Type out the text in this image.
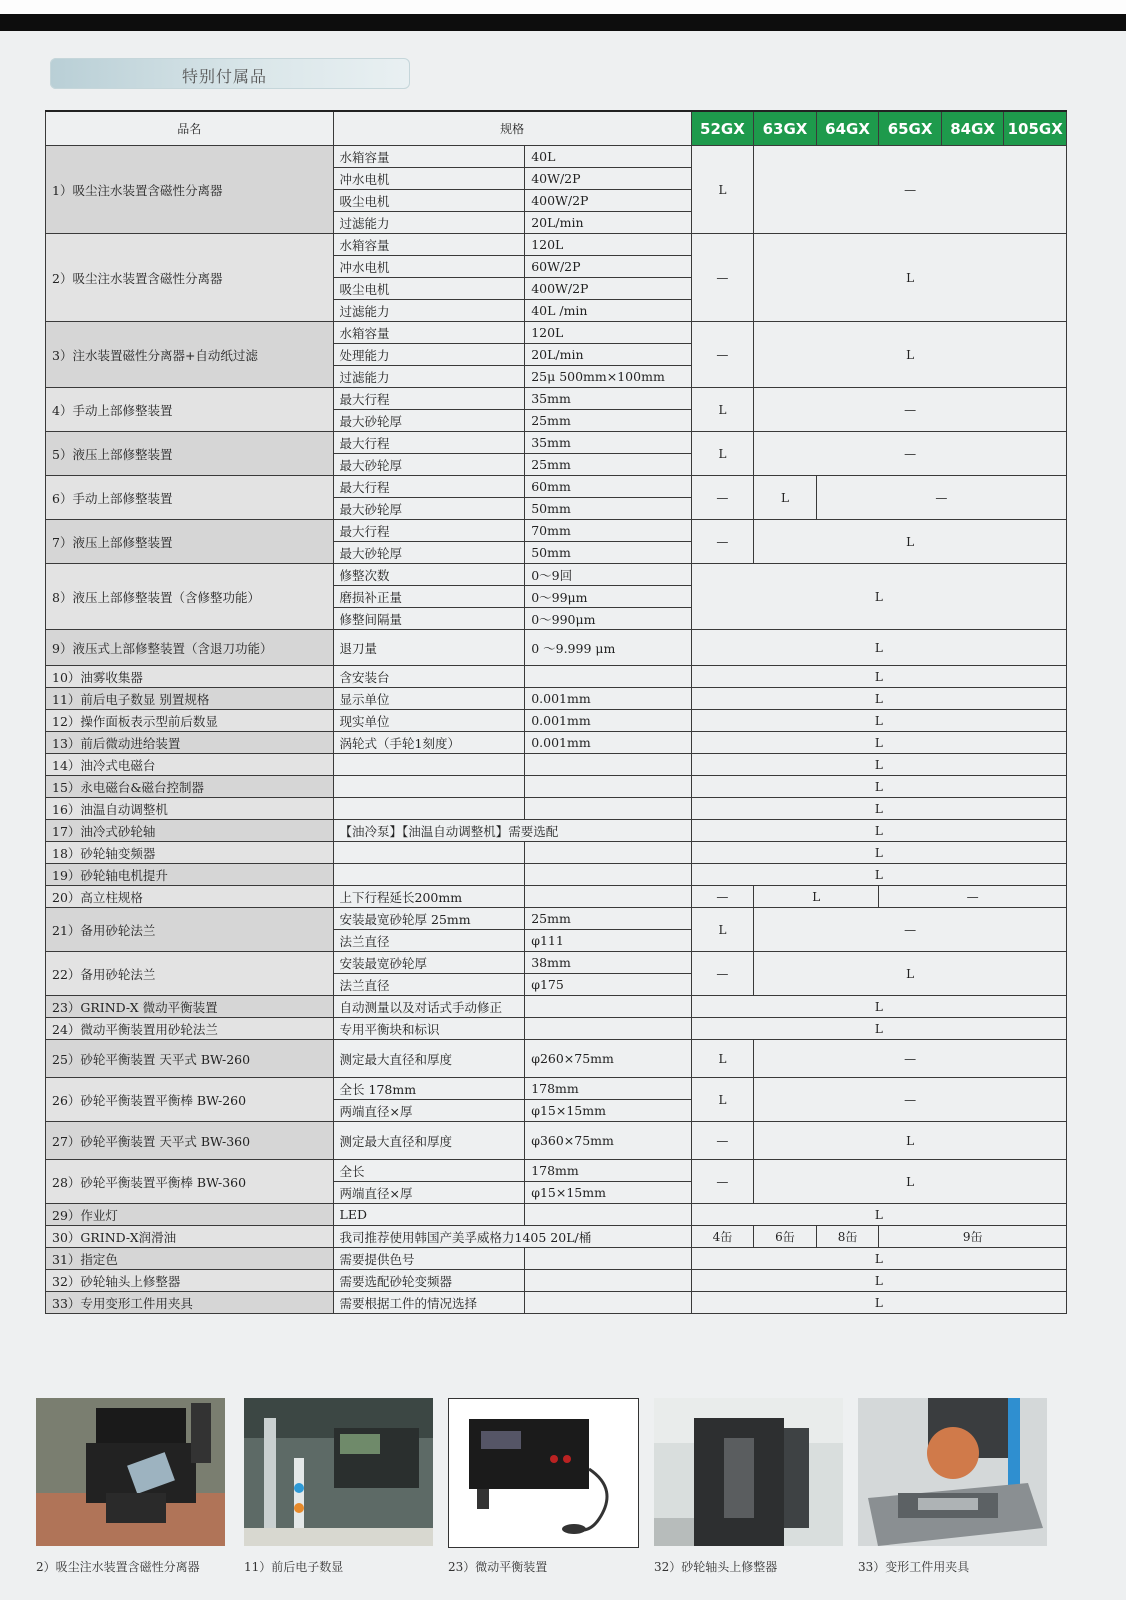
特别付属品
品名	规格		52GX	63GX	64GX	65GX	84GX	105GX
1）吸尘注水装置含磁性分离器	水箱容量	40L	L	—				
	冲水电机	40W/2P						
	吸尘电机	400W/2P						
	过滤能力	20L/min						
2）吸尘注水装置含磁性分离器	水箱容量	120L	—	L				
	冲水电机	60W/2P						
	吸尘电机	400W/2P						
	过滤能力	40L /min						
3）注水装置磁性分离器+自动纸过滤	水箱容量	120L	—	L				
	处理能力	20L/min						
	过滤能力	25μ 500mm×100mm						
4）手动上部修整装置	最大行程	35mm	L	—				
	最大砂轮厚	25mm						
5）液压上部修整装置	最大行程	35mm	L	—				
	最大砂轮厚	25mm						
6）手动上部修整装置	最大行程	60mm	—	L	—			
	最大砂轮厚	50mm						
7）液压上部修整装置	最大行程	70mm	—	L				
	最大砂轮厚	50mm						
8）液压上部修整装置（含修整功能）	修整次数	0～9回	L					
	磨损补正量	0～99μm						
	修整间隔量	0～990μm						
9）液压式上部修整装置（含退刀功能）	退刀量	0 ～9.999 μm	L					
10）油雾收集器	含安装台		L					
11）前后电子数显 别置规格	显示单位	0.001mm	L					
12）操作面板表示型前后数显	现实单位	0.001mm	L					
13）前后微动进给装置	涡轮式（手轮1刻度）	0.001mm	L					
14）油冷式电磁台			L					
15）永电磁台&磁台控制器			L					
16）油温自动调整机			L					
17）油冷式砂轮轴	【油冷泵】【油温自动调整机】需要选配		L					
18）砂轮轴变频器			L					
19）砂轮轴电机提升			L					
20）高立柱规格	上下行程延长200mm		—	L		—		
21）备用砂轮法兰	安装最宽砂轮厚 25mm	25mm	L	—				
	法兰直径	φ111						
22）备用砂轮法兰	安装最宽砂轮厚	38mm	—	L				
	法兰直径	φ175						
23）GRIND-X 微动平衡装置	自动测量以及对话式手动修正		L					
24）微动平衡装置用砂轮法兰	专用平衡块和标识		L					
25）砂轮平衡装置 天平式 BW-260	测定最大直径和厚度	φ260×75mm	L	—				
26）砂轮平衡装置平衡棒 BW-260	全长 178mm	178mm	L	—				
	两端直径×厚	φ15×15mm						
27）砂轮平衡装置 天平式 BW-360	测定最大直径和厚度	φ360×75mm	—	L				
28）砂轮平衡装置平衡棒 BW-360	全长	178mm	—	L				
	两端直径×厚	φ15×15mm						
29）作业灯	LED		L					
30）GRIND-X润滑油	我司推荐使用韩国产美孚威格力1405 20L/桶		4缶	6缶	8缶	9缶		
31）指定色	需要提供色号		L					
32）砂轮轴头上修整器	需要选配砂轮变频器		L					
33）专用变形工件用夹具	需要根据工件的情况选择		L					
2）吸尘注水装置含磁性分离器	11）前后电子数显	23）微动平衡装置	32）砂轮轴头上修整器	33）变形工件用夹具
